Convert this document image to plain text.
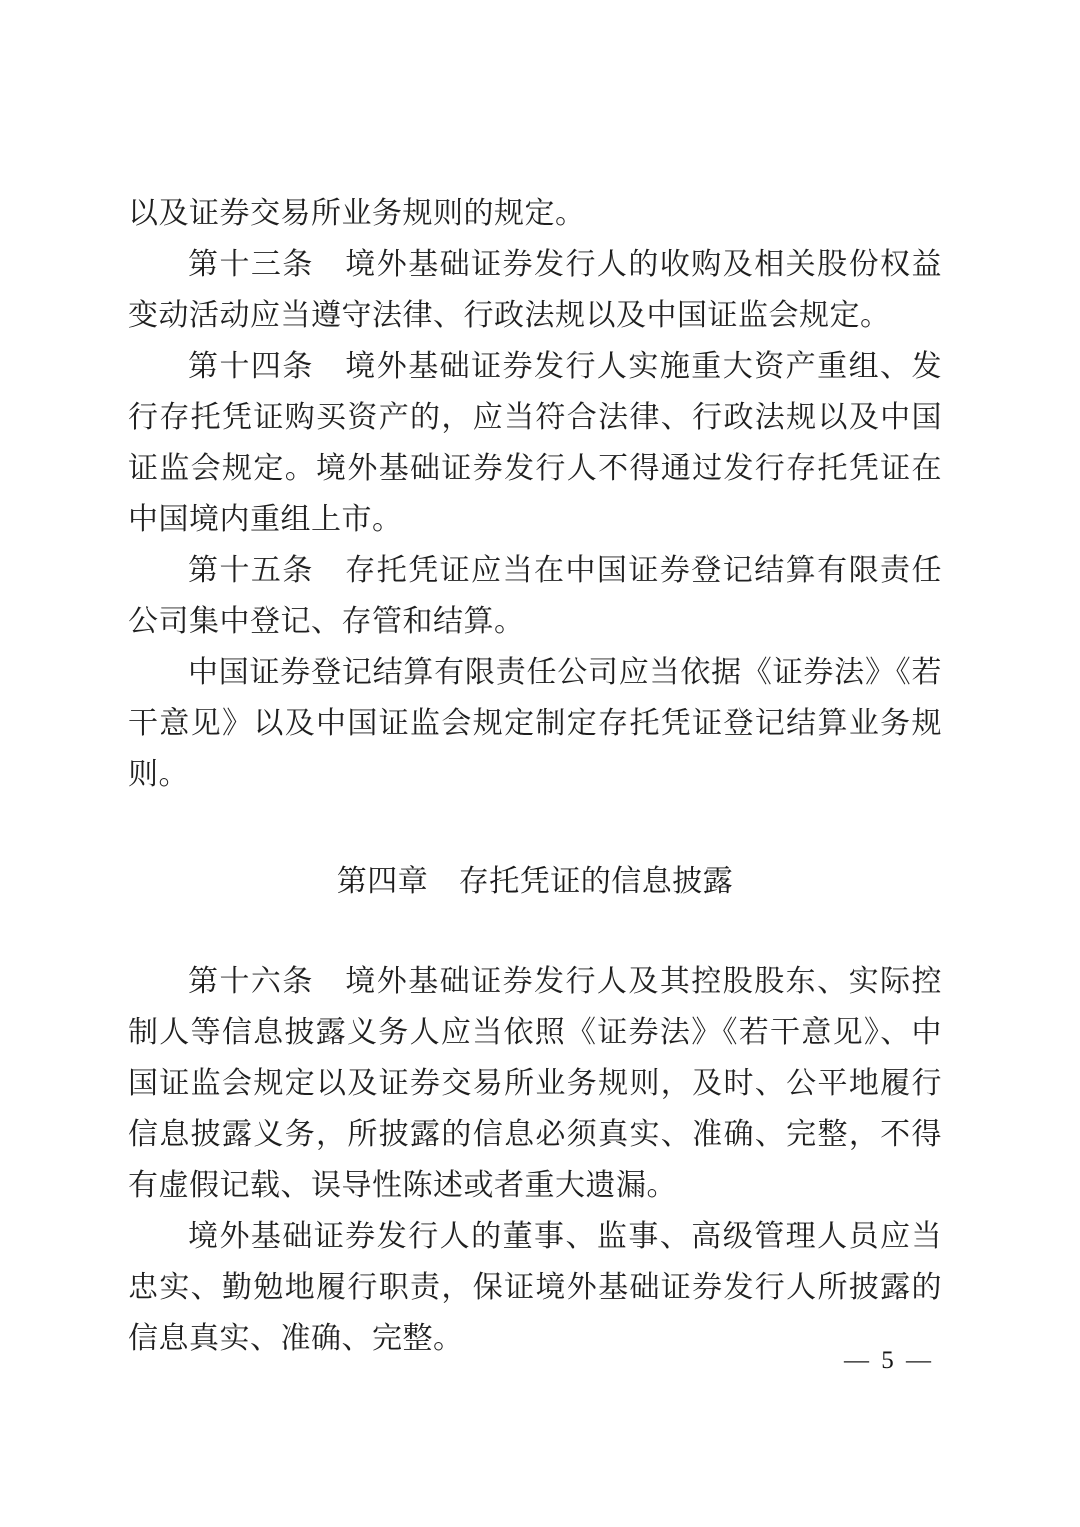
以及证券交易所业务规则的规定。

第十三条　境外基础证券发行人的收购及相关股份权益变动活动应当遵守法律、行政法规以及中国证监会规定。

第十四条　境外基础证券发行人实施重大资产重组、发行存托凭证购买资产的，应当符合法律、行政法规以及中国证监会规定。境外基础证券发行人不得通过发行存托凭证在中国境内重组上市。

第十五条　存托凭证应当在中国证券登记结算有限责任公司集中登记、存管和结算。

中国证券登记结算有限责任公司应当依据《证券法》《若干意见》以及中国证监会规定制定存托凭证登记结算业务规则。

第四章　存托凭证的信息披露

第十六条　境外基础证券发行人及其控股股东、实际控制人等信息披露义务人应当依照《证券法》《若干意见》、中国证监会规定以及证券交易所业务规则，及时、公平地履行信息披露义务，所披露的信息必须真实、准确、完整，不得有虚假记载、误导性陈述或者重大遗漏。

境外基础证券发行人的董事、监事、高级管理人员应当忠实、勤勉地履行职责，保证境外基础证券发行人所披露的信息真实、准确、完整。

— 5 —
